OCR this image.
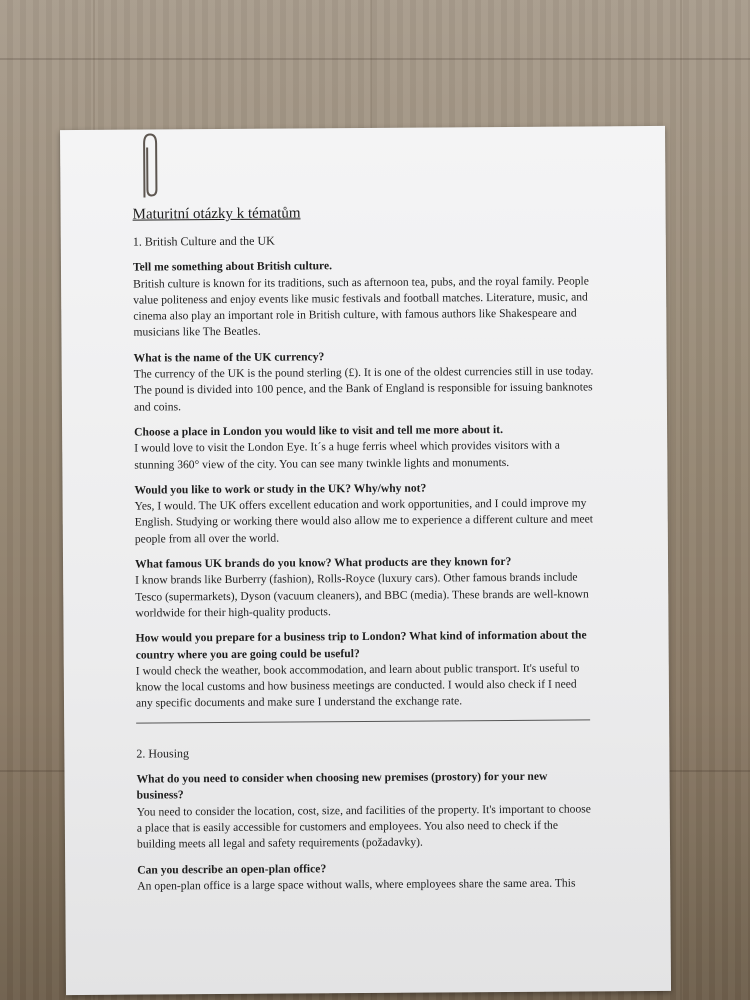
Maturitní otázky k tématům
1. British Culture and the UK
Tell me something about British culture.
British culture is known for its traditions, such as afternoon tea, pubs, and the royal family. People value politeness and enjoy events like music festivals and football matches. Literature, music, and cinema also play an important role in British culture, with famous authors like Shakespeare and musicians like The Beatles.
What is the name of the UK currency?
The currency of the UK is the pound sterling (£). It is one of the oldest currencies still in use today. The pound is divided into 100 pence, and the Bank of England is responsible for issuing banknotes and coins.
Choose a place in London you would like to visit and tell me more about it.
I would love to visit the London Eye. It´s a huge ferris wheel which provides visitors with a stunning 360° view of the city. You can see many twinkle lights and monuments.
Would you like to work or study in the UK? Why/why not?
Yes, I would. The UK offers excellent education and work opportunities, and I could improve my English. Studying or working there would also allow me to experience a different culture and meet people from all over the world.
What famous UK brands do you know? What products are they known for?
I know brands like Burberry (fashion), Rolls-Royce (luxury cars). Other famous brands include Tesco (supermarkets), Dyson (vacuum cleaners), and BBC (media). These brands are well-known worldwide for their high-quality products.
How would you prepare for a business trip to London? What kind of information about the country where you are going could be useful?
I would check the weather, book accommodation, and learn about public transport. It's useful to know the local customs and how business meetings are conducted. I would also check if I need any specific documents and make sure I understand the exchange rate.
2. Housing
What do you need to consider when choosing new premises (prostory) for your new business?
You need to consider the location, cost, size, and facilities of the property. It's important to choose a place that is easily accessible for customers and employees. You also need to check if the building meets all legal and safety requirements (požadavky).
Can you describe an open-plan office?
An open-plan office is a large space without walls, where employees share the same area. This
